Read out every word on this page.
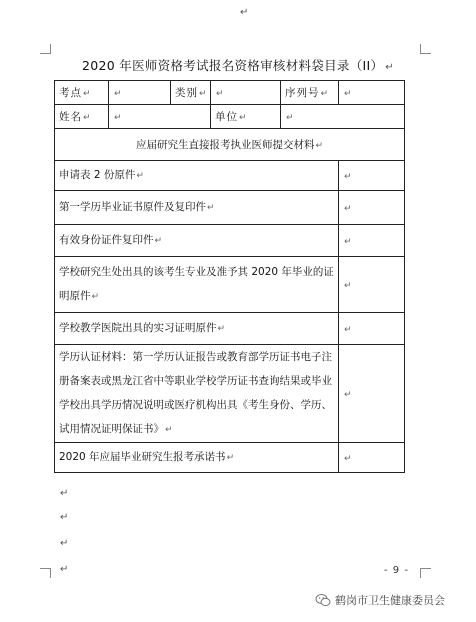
↵
2020 年医师资格考试报名资格审核材料袋目录（II） ↵
考点↵	↵	类别↵	↵	序列号↵	↵
姓名↵	↵		单位↵	↵	
应届研究生直接报考执业医师提交材料↵					
申请表 2 份原件↵					↵
第一学历毕业证书原件及复印件↵					↵
有效身份证件复印件↵					↵
学校研究生处出具的该考生专业及准予其 2020 年毕业的证明原件↵					↵
学校教学医院出具的实习证明原件↵					↵
学历认证材料：第一学历认证报告或教育部学历证书电子注册备案表或黑龙江省中等职业学校学历证书查询结果或毕业学校出具学历情况说明或医疗机构出具《考生身份、学历、试用情况证明保证书》↵					↵
2020 年应届毕业研究生报考承诺书↵					↵
↵
↵
↵
↵	- 9 -
鹤岗市卫生健康委员会
